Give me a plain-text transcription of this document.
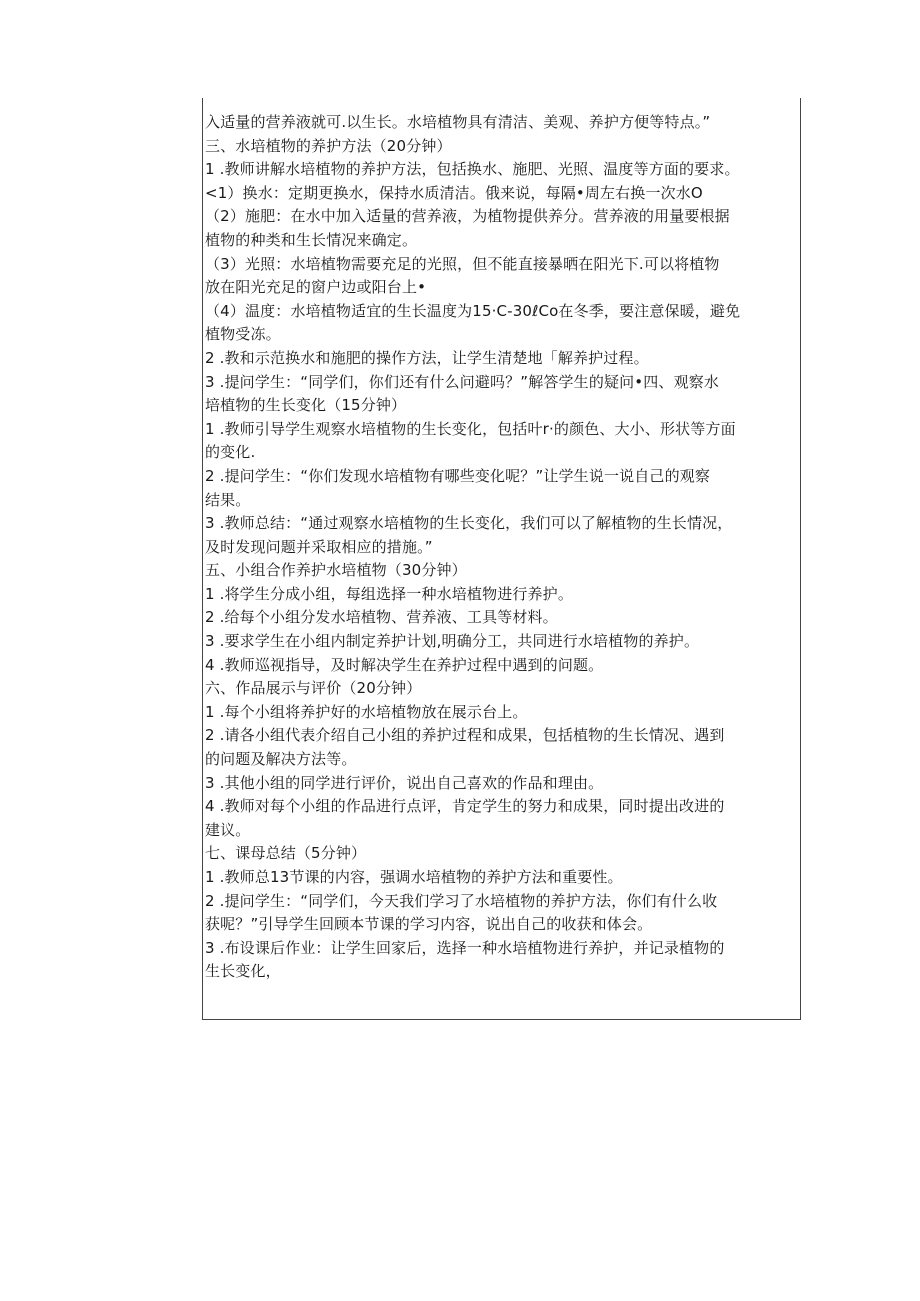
入适量的营养液就可.以生长。水培植物具有清洁、美观、养护方便等特点。”
三、水培植物的养护方法（20分钟）
1 .教师讲解水培植物的养护方法，包括换水、施肥、光照、温度等方面的要求。
<1）换水：定期更换水，保持水质清洁。俄来说，每隔•周左右换一次水O
（2）施肥：在水中加入适量的营养液，为植物提供养分。营养液的用量要根据
植物的种类和生长情况来确定。
（3）光照：水培植物需要充足的光照，但不能直接暴晒在阳光下.可以将植物
放在阳光充足的窗户边或阳台上•
（4）温度：水培植物适宜的生长温度为15·C-30ℓCo在冬季，要注意保暖，避免
植物受冻。
2 .教和示范换水和施肥的操作方法，让学生清楚地「解养护过程。
3 .提问学生：“同学们，你们还有什么问避吗？”解答学生的疑问•四、观察水
培植物的生长变化（15分钟）
1 .教师引导学生观察水培植物的生长变化，包括叶r·的颜色、大小、形状等方面
的变化.
2 .提问学生：“你们发现水培植物有哪些变化呢？”让学生说一说自己的观察
结果。
3 .教师总结：“通过观察水培植物的生长变化，我们可以了解植物的生长情况，
及时发现问题并采取相应的措施。”
五、小组合作养护水培植物（30分钟）
1 .将学生分成小组，每组选择一种水培植物进行养护。
2 .给每个小组分发水培植物、营养液、工具等材料。
3 .要求学生在小组内制定养护计划,明确分工，共同进行水培植物的养护。
4 .教师巡视指导，及时解决学生在养护过程中遇到的问题。
六、作品展示与评价（20分钟）
1 .每个小组将养护好的水培植物放在展示台上。
2 .请各小组代表介绍自己小组的养护过程和成果，包括植物的生长情况、遇到
的问题及解决方法等。
3 .其他小组的同学进行评价，说出自己喜欢的作品和理由。
4 .教师对每个小组的作品进行点评，肯定学生的努力和成果，同时提出改进的
建议。
七、课母总结（5分钟）
1 .教师总13节课的内容，强调水培植物的养护方法和重要性。
2 .提问学生：“同学们，今天我们学习了水培植物的养护方法，你们有什么收
获呢？”引导学生回顾本节课的学习内容，说出自己的收获和体会。
3 .布设课后作业：让学生回家后，选择一种水培植物进行养护，并记录植物的
生长变化，
